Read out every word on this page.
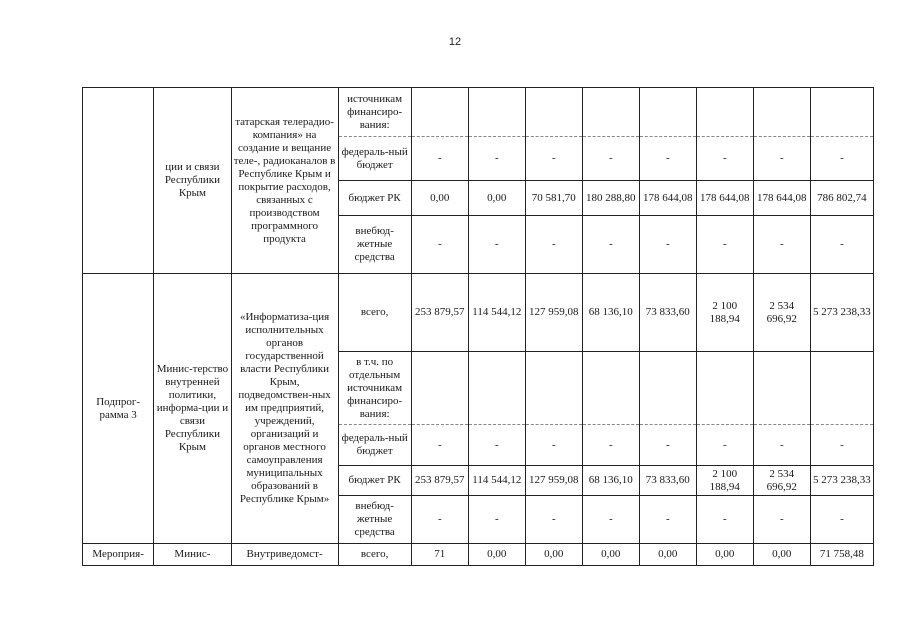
12
	ции и связи Республики Крым	татарская телерадио-компания» на создание и вещание теле-, радиоканалов в Республике Крым и покрытие расходов, связанных с производством программного продукта	источникам финансиро-вания:								
			федераль-ный бюджет	-	-	-	-	-	-	-	-
			бюджет РК	0,00	0,00	70 581,70	180 288,80	178 644,08	178 644,08	178 644,08	786 802,74
			внебюд-жетные средства	-	-	-	-	-	-	-	-
Подпрог-рамма 3	Минис-терство внутренней политики, информа-ции и связи Республики Крым	«Информатиза-ция исполнительных органов государственной власти Республики Крым, подведомствен-ных им предприятий, учреждений, организаций и органов местного самоуправления муниципальных образований в Республике Крым»	всего,	253 879,57	114 544,12	127 959,08	68 136,10	73 833,60	2 100 188,94	2 534 696,92	5 273 238,33
			в т.ч. по отдельным источникам финансиро-вания:								
			федераль-ный бюджет	-	-	-	-	-	-	-	-
			бюджет РК	253 879,57	114 544,12	127 959,08	68 136,10	73 833,60	2 100 188,94	2 534 696,92	5 273 238,33
			внебюд-жетные средства	-	-	-	-	-	-	-	-
Мероприя-	Минис-	Внутриведомст-	всего,	71	0,00	0,00	0,00	0,00	0,00	0,00	71 758,48
